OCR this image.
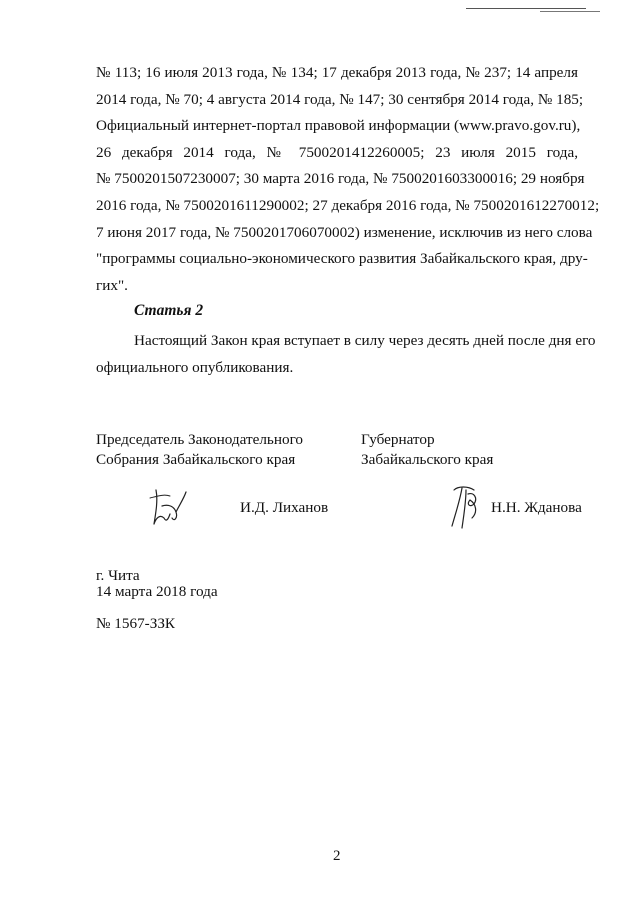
№ 113; 16 июля 2013 года, № 134; 17 декабря 2013 года, № 237; 14 апреля
2014 года, № 70; 4 августа 2014 года, № 147; 30 сентября 2014 года, № 185;
Официальный интернет-портал правовой информации (www.pravo.gov.ru),
26 декабря 2014 года, № 7500201412260005; 23 июля 2015 года,
№ 7500201507230007; 30 марта 2016 года, № 7500201603300016; 29 ноября
2016 года, № 7500201611290002; 27 декабря 2016 года, № 7500201612270012;
7 июня 2017 года, № 7500201706070002) изменение, исключив из него слова
"программы социально-экономического развития Забайкальского края, дру-
гих".
Статья 2
Настоящий Закон края вступает в силу через десять дней после дня его
официального опубликования.
Председатель Законодательного
Собрания Забайкальского края
И.Д. Лиханов
Губернатор
Забайкальского края
Н.Н. Жданова
г. Чита
14 марта 2018 года
№ 1567-ЗЗК
2
